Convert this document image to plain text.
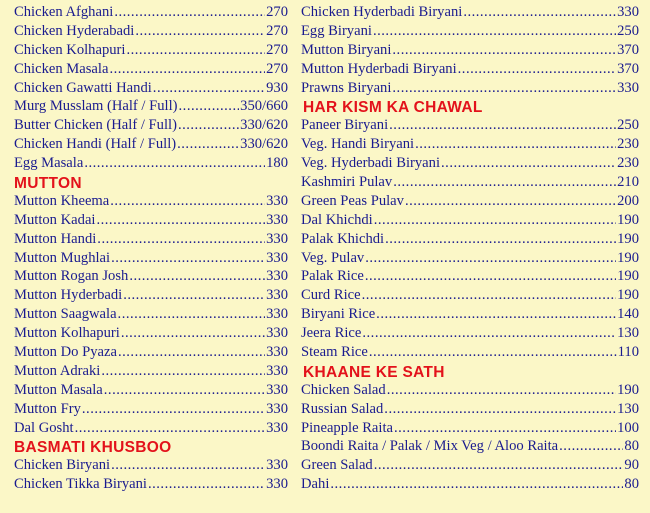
Chicken Afghani .....	270
Chicken Hyderabadi .....	270
Chicken Kolhapuri .....	270
Chicken Masala .....	270
Chicken Gawatti Handi .....	930
Murg Musslam (Half / Full) .....	350/660
Butter Chicken (Half / Full) .....	330/620
Chicken Handi (Half / Full) .....	330/620
Egg Masala .....	180
MUTTON
Mutton Kheema .....	330
Mutton Kadai .....	330
Mutton Handi .....	330
Mutton Mughlai .....	330
Mutton Rogan Josh .....	330
Mutton Hyderbadi .....	330
Mutton Saagwala .....	330
Mutton Kolhapuri .....	330
Mutton Do Pyaza .....	330
Mutton Adraki .....	330
Mutton Masala .....	330
Mutton Fry .....	330
Dal Gosht .....	330
BASMATI KHUSBOO
Chicken Biryani .....	330
Chicken Tikka Biryani .....	330
Chicken Hyderbadi Biryani .....	330
Egg Biryani .....	250
Mutton Biryani .....	370
Mutton Hyderbadi Biryani .....	370
Prawns Biryani .....	330
HAR KISM KA CHAWAL
Paneer Biryani .....	250
Veg. Handi Biryani .....	230
Veg. Hyderbadi Biryani .....	230
Kashmiri Pulav .....	210
Green Peas Pulav .....	200
Dal Khichdi .....	190
Palak Khichdi .....	190
Veg. Pulav .....	190
Palak Rice .....	190
Curd Rice .....	190
Biryani Rice .....	140
Jeera Rice .....	130
Steam Rice .....	110
KHAANE KE SATH
Chicken Salad .....	190
Russian Salad .....	130
Pineapple Raita .....	100
Boondi Raita / Palak / Mix Veg / Aloo Raita .....	80
Green Salad .....	90
Dahi .....	80
